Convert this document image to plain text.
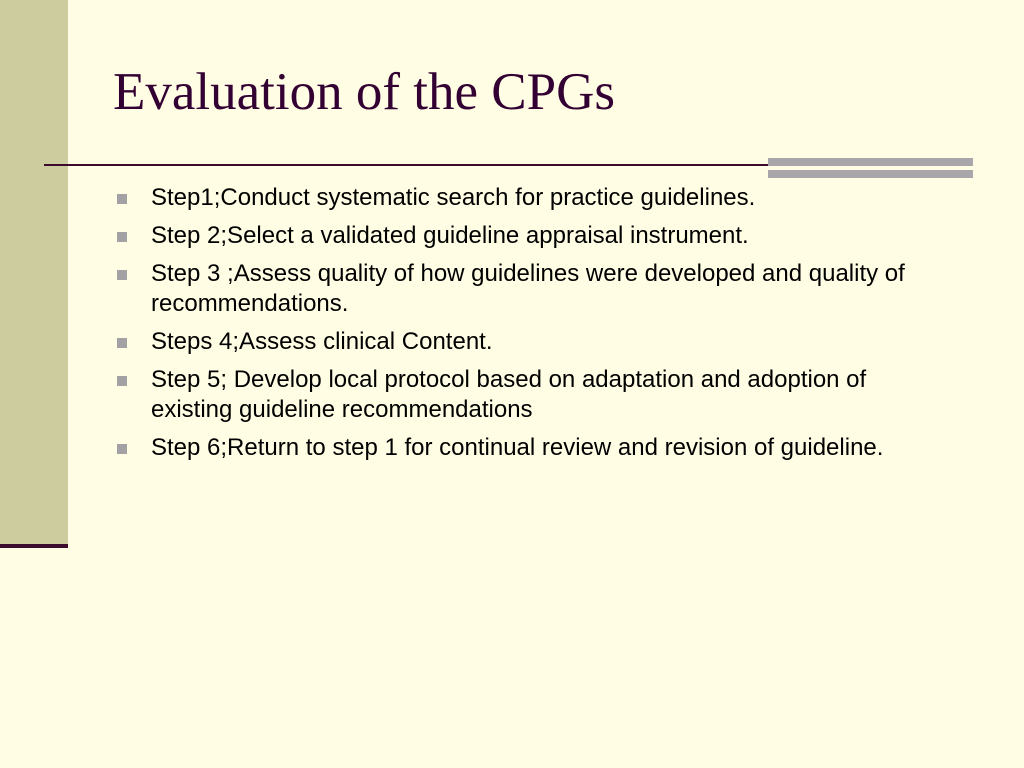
Evaluation of the CPGs
Step1;Conduct systematic search for practice guidelines.
Step 2;Select a validated guideline appraisal instrument.
Step 3 ;Assess quality of how guidelines were developed and quality of recommendations.
Steps 4;Assess clinical Content.
Step 5; Develop local protocol based on adaptation and adoption of existing guideline recommendations
Step 6;Return to step 1 for continual review and revision of guideline.
